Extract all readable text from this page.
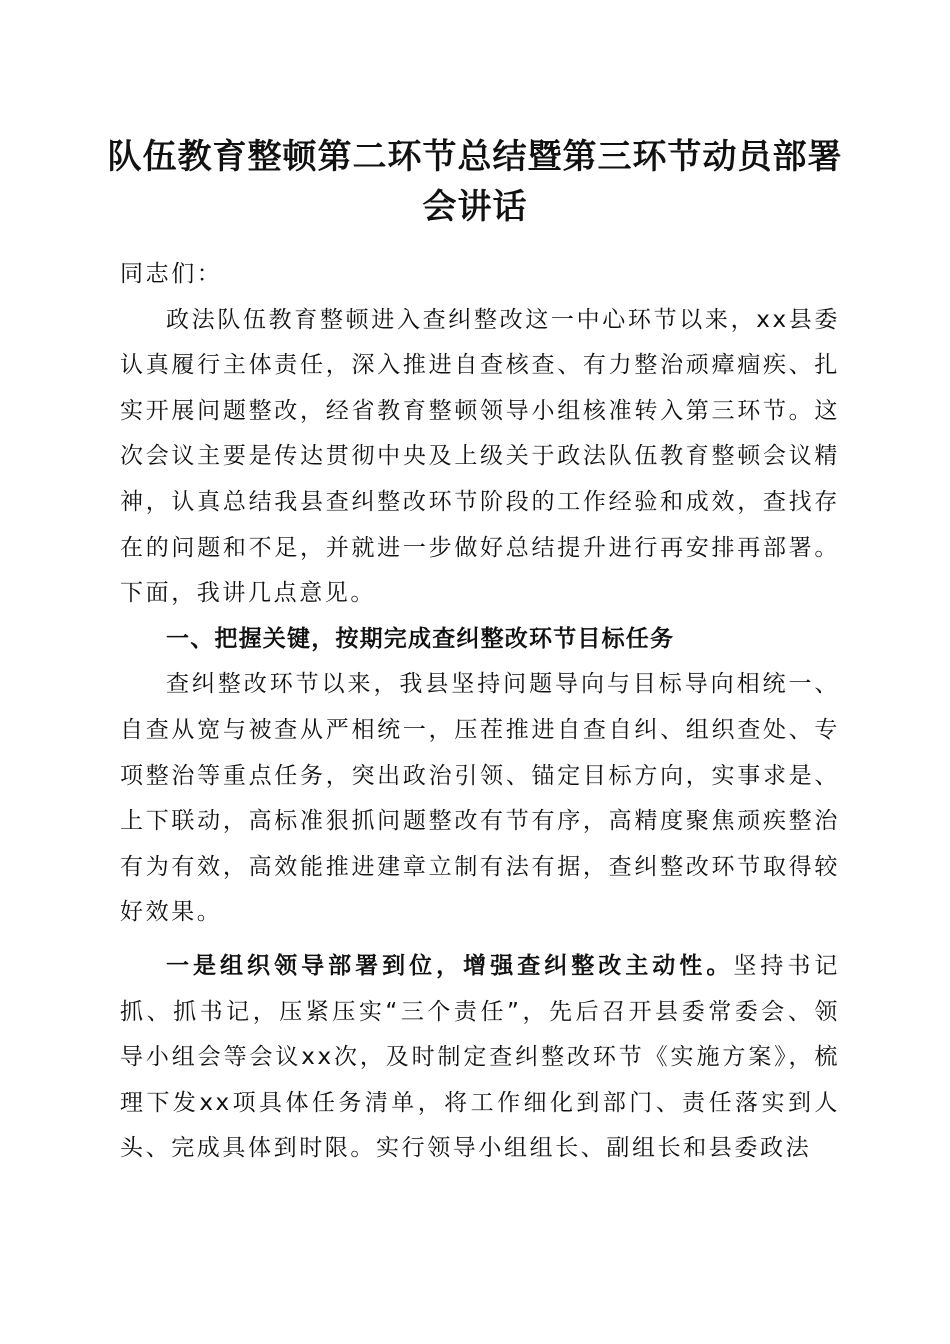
队伍教育整顿第二环节总结暨第三环节动员部署会讲话

同志们：

政法队伍教育整顿进入查纠整改这一中心环节以来，xx县委认真履行主体责任，深入推进自查核查、有力整治顽瘴痼疾、扎实开展问题整改，经省教育整顿领导小组核准转入第三环节。这次会议主要是传达贯彻中央及上级关于政法队伍教育整顿会议精神，认真总结我县查纠整改环节阶段的工作经验和成效，查找存在的问题和不足，并就进一步做好总结提升进行再安排再部署。下面，我讲几点意见。

一、把握关键，按期完成查纠整改环节目标任务

查纠整改环节以来，我县坚持问题导向与目标导向相统一、自查从宽与被查从严相统一，压茬推进自查自纠、组织查处、专项整治等重点任务，突出政治引领、锚定目标方向，实事求是、上下联动，高标准狠抓问题整改有节有序，高精度聚焦顽疾整治有为有效，高效能推进建章立制有法有据，查纠整改环节取得较好效果。

一是组织领导部署到位，增强查纠整改主动性。坚持书记抓、抓书记，压紧压实“三个责任”，先后召开县委常委会、领导小组会等会议xx次，及时制定查纠整改环节《实施方案》，梳理下发xx项具体任务清单，将工作细化到部门、责任落实到人头、完成具体到时限。实行领导小组组长、副组长和县委政法
